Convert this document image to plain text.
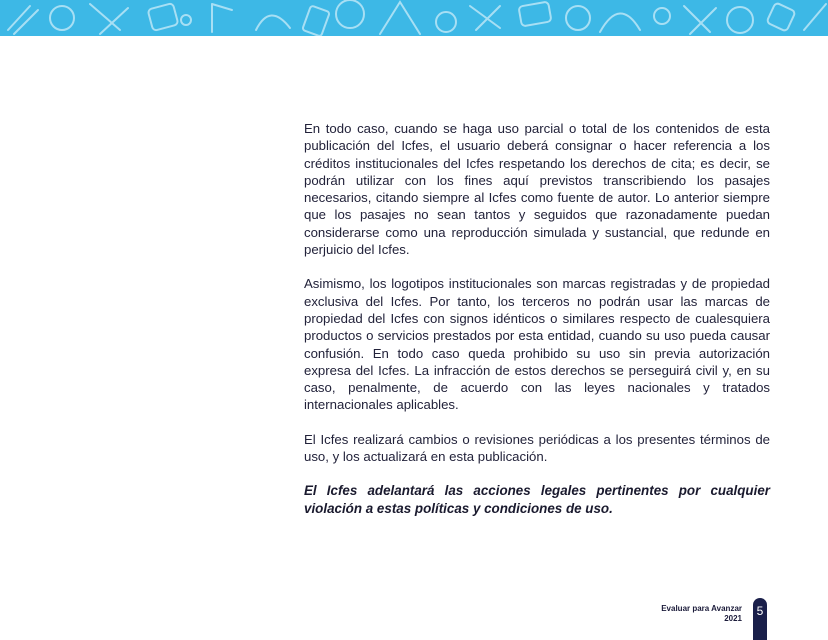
En todo caso, cuando se haga uso parcial o total de los contenidos de esta publicación del Icfes, el usuario deberá consignar o hacer referencia a los créditos institucionales del Icfes respetando los derechos de cita; es decir, se podrán utilizar con los fines aquí previstos transcribiendo los pasajes necesarios, citando siempre al Icfes como fuente de autor. Lo anterior siempre que los pasajes no sean tantos y seguidos que razonadamente puedan considerarse como una reproducción simulada y sustancial, que redunde en perjuicio del Icfes.

Asimismo, los logotipos institucionales son marcas registradas y de propiedad exclusiva del Icfes. Por tanto, los terceros no podrán usar las marcas de propiedad del Icfes con signos idénticos o similares respecto de cualesquiera productos o servicios prestados por esta entidad, cuando su uso pueda causar confusión. En todo caso queda prohibido su uso sin previa autorización expresa del Icfes. La infracción de estos derechos se perseguirá civil y, en su caso, penalmente, de acuerdo con las leyes nacionales y tratados internacionales aplicables.

El Icfes realizará cambios o revisiones periódicas a los presentes términos de uso, y los actualizará en esta publicación.

El Icfes adelantará las acciones legales pertinentes por cualquier violación a estas políticas y condiciones de uso.

Evaluar para Avanzar
2021
5
